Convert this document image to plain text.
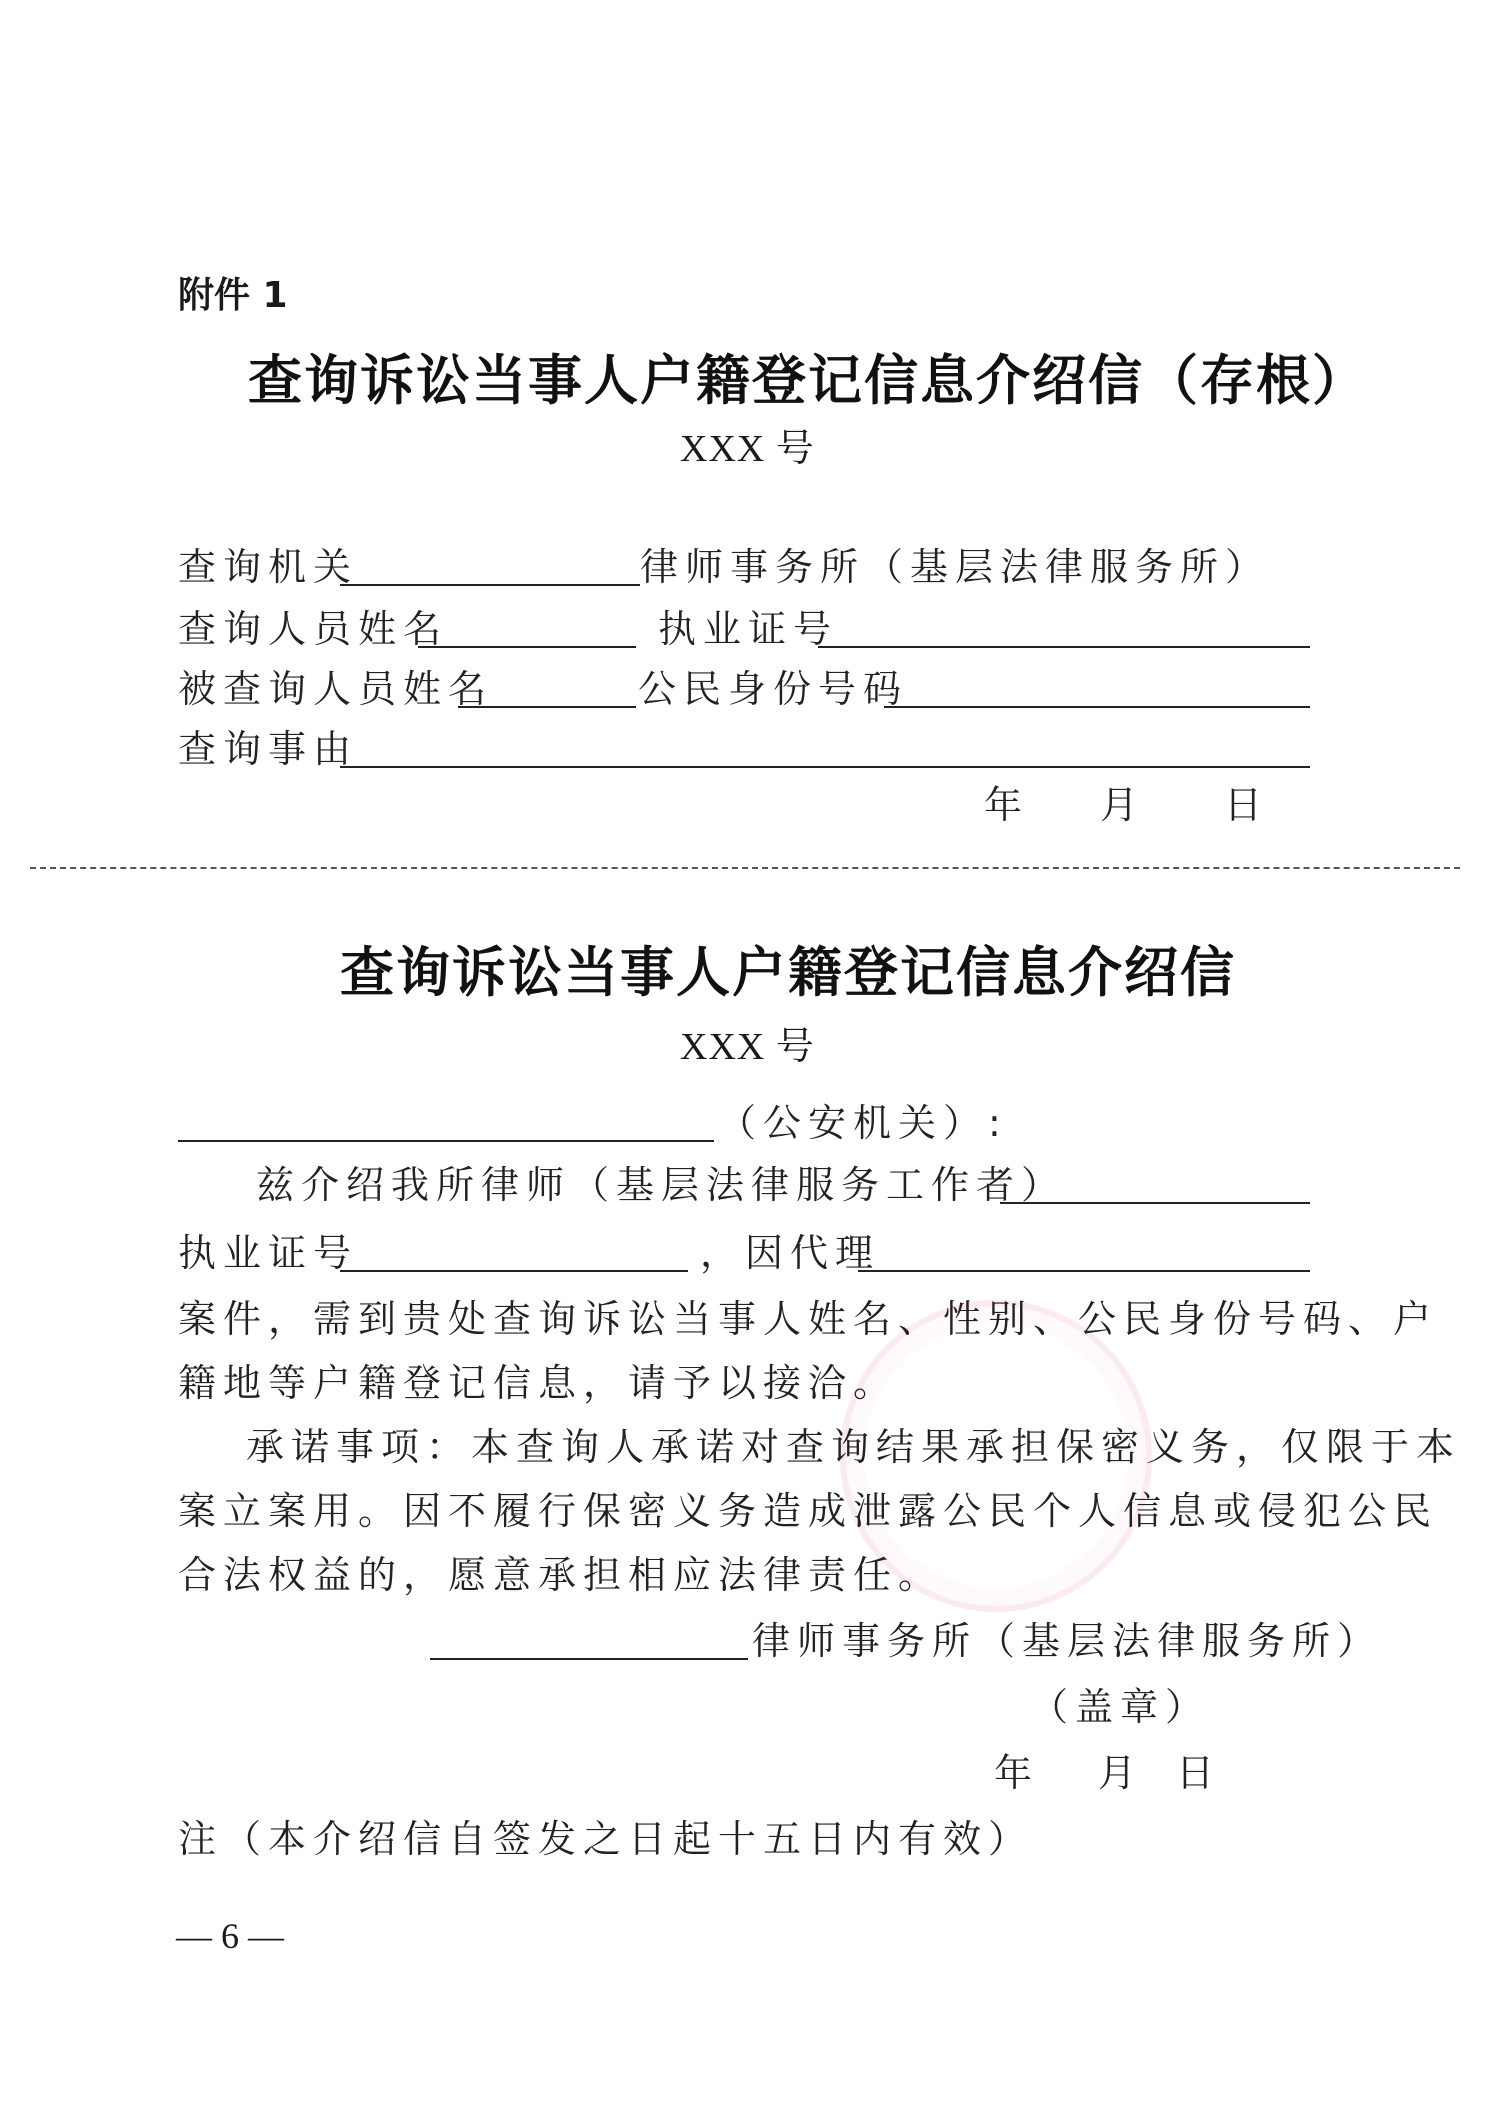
附件 1
查询诉讼当事人户籍登记信息介绍信（存根）
XXX 号
查询机关	律师事务所（基层法律服务所）
查询人员姓名	执业证号
被查询人员姓名	公民身份号码
查询事由
年 月 日
查询诉讼当事人户籍登记信息介绍信
XXX 号
（公安机关）:
兹介绍我所律师（基层法律服务工作者）
执业证号	，因代理
案件，需到贵处查询诉讼当事人姓名、性别、公民身份号码、户
籍地等户籍登记信息，请予以接洽。
承诺事项：本查询人承诺对查询结果承担保密义务，仅限于本
案立案用。因不履行保密义务造成泄露公民个人信息或侵犯公民
合法权益的，愿意承担相应法律责任。
律师事务所（基层法律服务所）
（盖章）
年 月 日
注（本介绍信自签发之日起十五日内有效）
— 6 —
